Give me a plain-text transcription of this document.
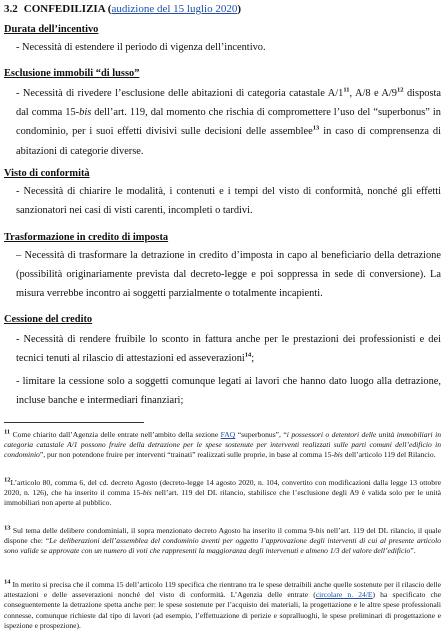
3.2 CONFEDILIZIA (audizione del 15 luglio 2020)
Durata dell’incentivo
- Necessità di estendere il periodo di vigenza dell’incentivo.
Esclusione immobili “di lusso”
- Necessità di rivedere l’esclusione delle abitazioni di categoria catastale $A/1^{11}$, A/8 e $A/9^{12}$ disposta dal comma 15-bis dell’art. 119, dal momento che rischia di compromettere l’uso del “superbonus” in condominio, per i suoi effetti divisivi sulle decisioni delle assemblee$^{13}$ in caso di comprensenza di abitazioni di categorie diverse.
Visto di conformità
- Necessità di chiarire le modalità, i contenuti e i tempi del visto di conformità, nonché gli effetti sanzionatori nei casi di visti carenti, incompleti o tardivi.
Trasformazione in credito di imposta
– Necessità di trasformare la detrazione in credito d’imposta in capo al beneficiario della detrazione (possibilità originariamente prevista dal decreto-legge e poi soppressa in sede di conversione). La misura verrebbe incontro ai soggetti parzialmente o totalmente incapienti.
Cessione del credito
- Necessità di rendere fruibile lo sconto in fattura anche per le prestazioni dei professionisti e dei tecnici tenuti al rilascio di attestazioni ed asseverazioni$^{14}$;
- limitare la cessione solo a soggetti comunque legati ai lavori che hanno dato luogo alla detrazione, incluse banche e intermediari finanziari;
$^{11}$ Come chiarito dall’Agenzia delle entrate nell’ambito della sezione FAQ “superbonus”, “i possessori o detentori delle unità immobiliari in categoria catastale A/1 possono fruire della detrazione per le spese sostenute per interventi realizzati sulle parti comuni dell’edificio in condominio”, pur non potendone fruire per interventi “trainati” realizzati sulle proprie, in base al comma 15-bis dell’articolo 119 del Rilancio.
$^{12}$L’articolo 80, comma 6, del cd. decreto Agosto (decreto-legge 14 agosto 2020, n. 104, convertito con modificazioni dalla legge 13 ottobre 2020, n. 126), che ha inserito il comma 15-bis nell’art. 119 del DL rilancio, stabilisce che l’esclusione degli A9 è valida solo per le unità immobiliari non aperte al pubblico.
$^{13}$ Sul tema delle delibere condominiali, il sopra menzionato decreto Agosto ha inserito il comma 9-bis nell’art. 119 del DL rilancio, il quale dispone che: “Le deliberazioni dell’assemblea del condominio aventi per oggetto l’approvazione degli interventi di cui al presente articolo sono valide se approvate con un numero di voti che rappresenti la maggioranza degli intervenuti e almeno 1/3 del valore dell’edificio”.
$^{14}$ In merito si precisa che il comma 15 dell’articolo 119 specifica che rientrano tra le spese detraibili anche quelle sostenute per il rilascio delle attestazioni e delle asseverazioni nonché del visto di conformità. L’Agenzia delle entrate (circolare n. 24/E) ha specificato che conseguentemente la detrazione spetta anche per: le spese sostenute per l’acquisto dei materiali, la progettazione e le altre spese professionali connesse, comunque richieste dal tipo di lavori (ad esempio, l’effettuazione di perizie e sopralluoghi, le spese preliminari di progettazione e ispezione e prospezione).
